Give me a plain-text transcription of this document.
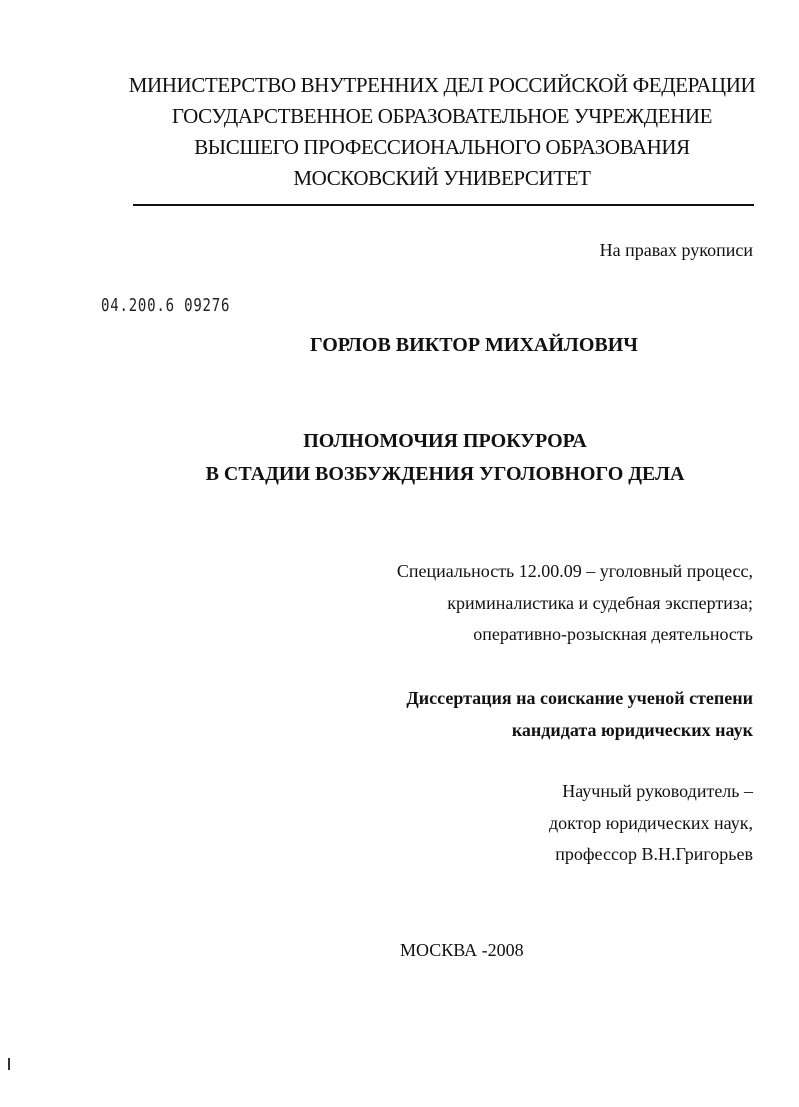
МИНИСТЕРСТВО ВНУТРЕННИХ ДЕЛ РОССИЙСКОЙ ФЕДЕРАЦИИ
ГОСУДАРСТВЕННОЕ ОБРАЗОВАТЕЛЬНОЕ УЧРЕЖДЕНИЕ
ВЫСШЕГО ПРОФЕССИОНАЛЬНОГО ОБРАЗОВАНИЯ
МОСКОВСКИЙ УНИВЕРСИТЕТ
На правах рукописи
04.200.6 09276
ГОРЛОВ ВИКТОР МИХАЙЛОВИЧ
ПОЛНОМОЧИЯ ПРОКУРОРА
В СТАДИИ ВОЗБУЖДЕНИЯ УГОЛОВНОГО ДЕЛА
Специальность 12.00.09 – уголовный процесс,
криминалистика и судебная экспертиза;
оперативно-розыскная деятельность
Диссертация на соискание ученой степени
кандидата юридических наук
Научный руководитель –
доктор юридических наук,
профессор В.Н.Григорьев
МОСКВА -2008
